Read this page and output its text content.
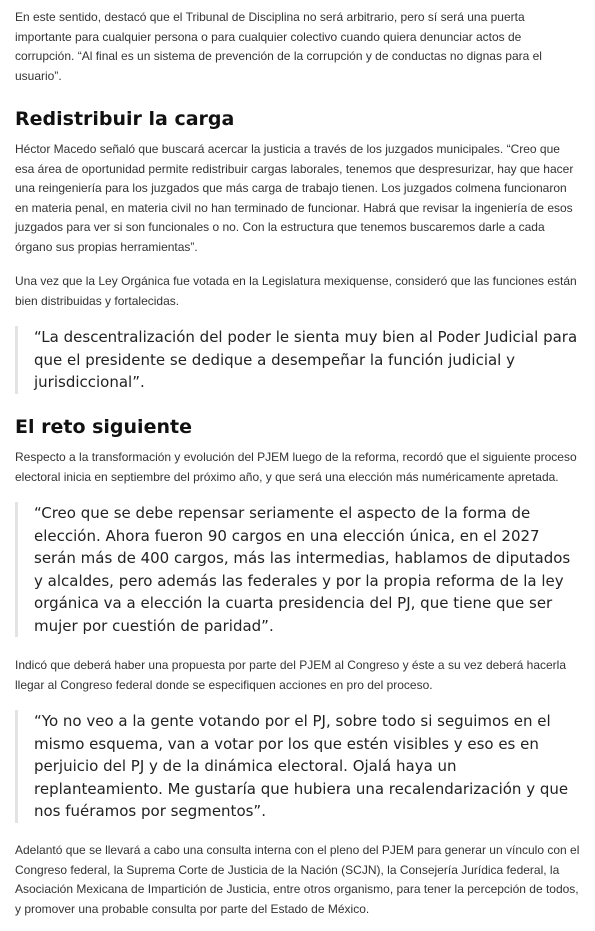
En este sentido, destacó que el Tribunal de Disciplina no será arbitrario, pero sí será una puerta importante para cualquier persona o para cualquier colectivo cuando quiera denunciar actos de corrupción. “Al final es un sistema de prevención de la corrupción y de conductas no dignas para el usuario”.

Redistribuir la carga

Héctor Macedo señaló que buscará acercar la justicia a través de los juzgados municipales. “Creo que esa área de oportunidad permite redistribuir cargas laborales, tenemos que despresurizar, hay que hacer una reingeniería para los juzgados que más carga de trabajo tienen. Los juzgados colmena funcionaron en materia penal, en materia civil no han terminado de funcionar. Habrá que revisar la ingeniería de esos juzgados para ver si son funcionales o no. Con la estructura que tenemos buscaremos darle a cada órgano sus propias herramientas”.

Una vez que la Ley Orgánica fue votada en la Legislatura mexiquense, consideró que las funciones están bien distribuidas y fortalecidas.

“La descentralización del poder le sienta muy bien al Poder Judicial para que el presidente se dedique a desempeñar la función judicial y jurisdiccional”.
El reto siguiente

Respecto a la transformación y evolución del PJEM luego de la reforma, recordó que el siguiente proceso electoral inicia en septiembre del próximo año, y que será una elección más numéricamente apretada.

“Creo que se debe repensar seriamente el aspecto de la forma de elección. Ahora fueron 90 cargos en una elección única, en el 2027 serán más de 400 cargos, más las intermedias, hablamos de diputados y alcaldes, pero además las federales y por la propia reforma de la ley orgánica va a elección la cuarta presidencia del PJ, que tiene que ser mujer por cuestión de paridad”.

Indicó que deberá haber una propuesta por parte del PJEM al Congreso y éste a su vez deberá hacerla llegar al Congreso federal donde se especifiquen acciones en pro del proceso.

“Yo no veo a la gente votando por el PJ, sobre todo si seguimos en el mismo esquema, van a votar por los que estén visibles y eso es en perjuicio del PJ y de la dinámica electoral. Ojalá haya un replanteamiento. Me gustaría que hubiera una recalendarización y que nos fuéramos por segmentos”.

Adelantó que se llevará a cabo una consulta interna con el pleno del PJEM para generar un vínculo con el Congreso federal, la Suprema Corte de Justicia de la Nación (SCJN), la Consejería Jurídica federal, la Asociación Mexicana de Impartición de Justicia, entre otros organismo, para tener la percepción de todos, y promover una probable consulta por parte del Estado de México.
